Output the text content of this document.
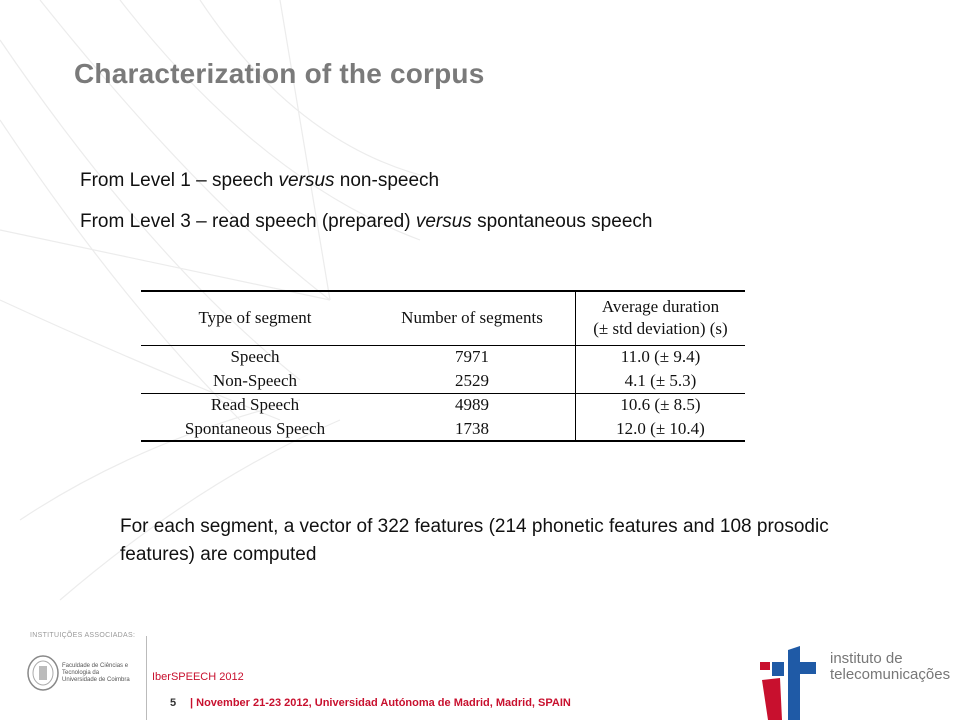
Characterization of the corpus
From Level 1 – speech versus non-speech
From Level 3 – read speech (prepared) versus spontaneous speech
Type of segment	Number of segments	Average duration
(± std deviation) (s)
Speech	7971	11.0 (± 9.4)
Non-Speech	2529	4.1 (± 5.3)
Read Speech	4989	10.6 (± 8.5)
Spontaneous Speech	1738	12.0 (± 10.4)
For each segment, a vector of 322 features (214 phonetic features and 108 prosodic features) are computed
INSTITUIÇÕES ASSOCIADAS:
Faculdade de Ciências e Tecnologia da Universidade de Coimbra IberSPEECH 2012
5 | November 21-23 2012, Universidad Autónoma de Madrid, Madrid, SPAIN
instituto de
telecomunicações
